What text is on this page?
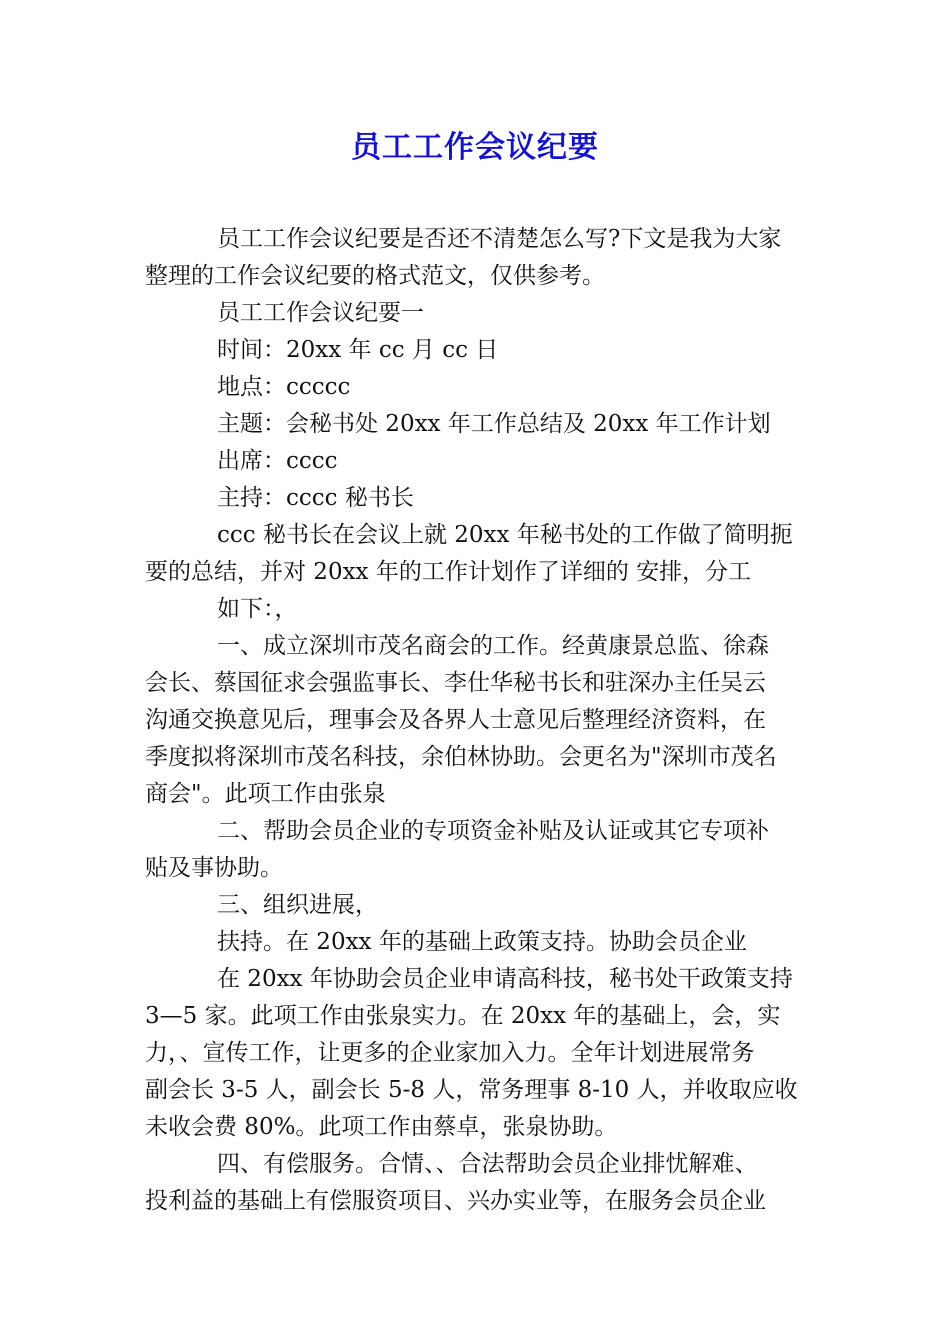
员工工作会议纪要
员工工作会议纪要是否还不清楚怎么写?下文是我为大家
整理的工作会议纪要的格式范文，仅供参考。
员工工作会议纪要一
时间：20xx 年 cc 月 cc 日
地点：ccccc
主题：会秘书处 20xx 年工作总结及 20xx 年工作计划
出席：cccc
主持：cccc 秘书长
ccc 秘书长在会议上就 20xx 年秘书处的工作做了简明扼
要的总结，并对 20xx 年的工作计划作了详细的 安排，分工
如下：，
一、成立深圳市茂名商会的工作。经黄康景总监、徐森
会长、蔡国征求会强监事长、李仕华秘书长和驻深办主任吴云
沟通交换意见后，理事会及各界人士意见后整理经济资料，在
季度拟将深圳市茂名科技，余伯林协助。会更名为"深圳市茂名
商会"。此项工作由张泉
二、帮助会员企业的专项资金补贴及认证或其它专项补
贴及事协助。
三、组织进展，
扶持。在 20xx 年的基础上政策支持。协助会员企业
在 20xx 年协助会员企业申请高科技，秘书处干政策支持
3—5 家。此项工作由张泉实力。在 20xx 年的基础上，会，实
力，、宣传工作，让更多的企业家加入力。全年计划进展常务
副会长 3-5 人，副会长 5-8 人，常务理事 8-10 人，并收取应收
未收会费 80%。此项工作由蔡卓，张泉协助。
四、有偿服务。合情、、合法帮助会员企业排忧解难、
投利益的基础上有偿服资项目、兴办实业等，在服务会员企业
